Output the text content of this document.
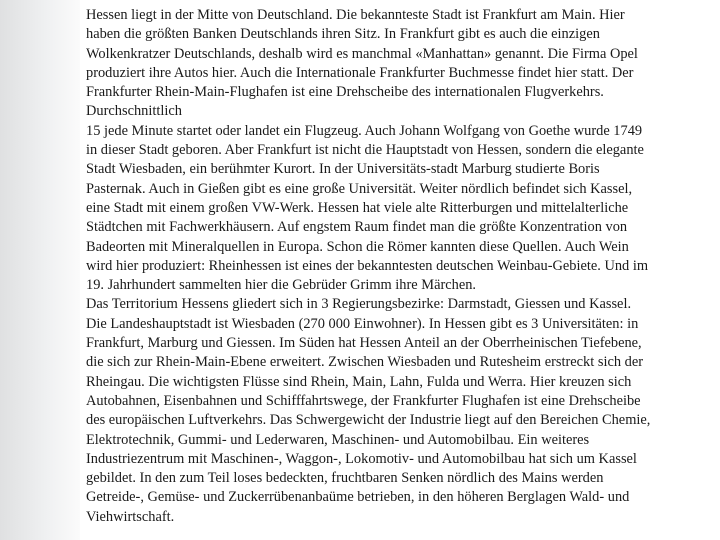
Hessen liegt in der Mitte von Deutschland. Die bekannteste Stadt ist Frankfurt am Main. Hier
haben die größten Banken Deutschlands ihren Sitz. In Frankfurt gibt es auch die einzigen
Wolkenkratzer Deutschlands, deshalb wird es manchmal «Manhattan» genannt. Die Firma Opel
produziert ihre Autos hier. Auch die Internationale Frankfurter Buchmesse findet hier statt. Der
Frankfurter Rhein-Main-Flughafen ist eine Drehscheibe des internationalen Flugverkehrs.
Durchschnittlich
15 jede Minute startet oder landet ein Flugzeug. Auch Johann Wolfgang von Goethe wurde 1749
in dieser Stadt geboren. Aber Frankfurt ist nicht die Hauptstadt von Hessen, sondern die elegante
Stadt Wiesbaden, ein berühmter Kurort. In der Universitäts-stadt Marburg studierte Boris
Pasternak. Auch in Gießen gibt es eine große Universität. Weiter nördlich befindet sich Kassel,
eine Stadt mit einem großen VW-Werk. Hessen hat viele alte Ritterburgen und mittelalterliche
Städtchen mit Fachwerkhäusern. Auf engstem Raum findet man die größte Konzentration von
Badeorten mit Mineralquellen in Europa. Schon die Römer kannten diese Quellen. Auch Wein
wird hier produziert: Rheinhessen ist eines der bekanntesten deutschen Weinbau-Gebiete. Und im
19. Jahrhundert sammelten hier die Gebrüder Grimm ihre Märchen.
Das Territorium Hessens gliedert sich in 3 Regierungsbezirke: Darmstadt, Giessen und Kassel.
Die Landeshauptstadt ist Wiesbaden (270 000 Einwohner). In Hessen gibt es 3 Universitäten: in
Frankfurt, Marburg und Giessen. Im Süden hat Hessen Anteil an der Oberrheinischen Tiefebene,
die sich zur Rhein-Main-Ebene erweitert. Zwischen Wiesbaden und Rutesheim erstreckt sich der
Rheingau. Die wichtigsten Flüsse sind Rhein, Main, Lahn, Fulda und Werra. Hier kreuzen sich
Autobahnen, Eisenbahnen und Schifffahrtswege, der Frankfurter Flughafen ist eine Drehscheibe
des europäischen Luftverkehrs. Das Schwergewicht der Industrie liegt auf den Bereichen Chemie,
Elektrotechnik, Gummi- und Lederwaren, Maschinen- und Automobilbau. Ein weiteres
Industriezentrum mit Maschinen-, Waggon-, Lokomotiv- und Automobilbau hat sich um Kassel
gebildet. In den zum Teil loses bedeckten, fruchtbaren Senken nördlich des Mains werden
Getreide-, Gemüse- und Zuckerrübenanbaüme betrieben, in den höheren Berglagen Wald- und
Viehwirtschaft.
